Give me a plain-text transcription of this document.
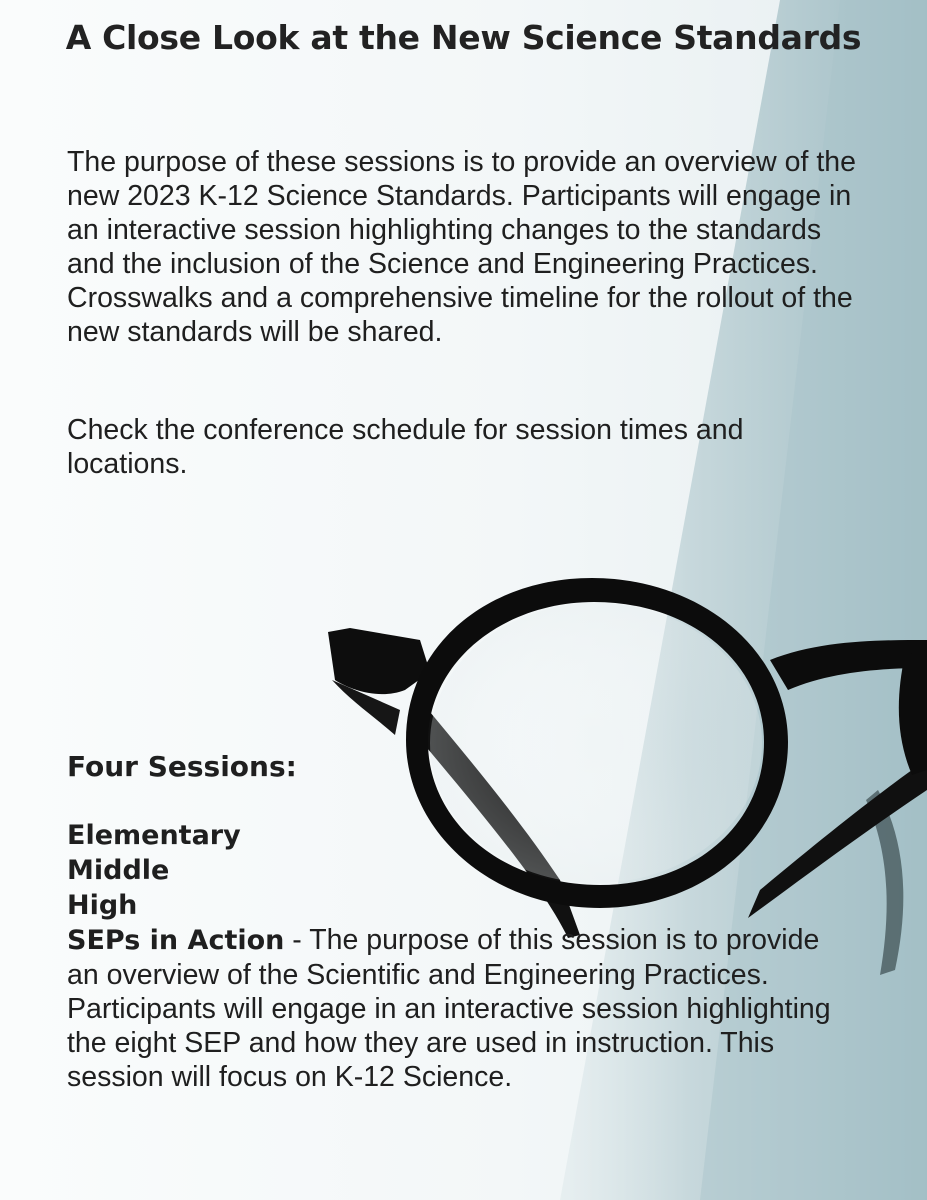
A Close Look at the New Science Standards

The purpose of these sessions is to provide an overview of the new 2023 K-12 Science Standards. Participants will engage in an interactive session highlighting changes to the standards and the inclusion of the Science and Engineering Practices. Crosswalks and a comprehensive timeline for the rollout of the new standards will be shared.

Check the conference schedule for session times and locations.

Four Sessions:

Elementary
Middle
High
SEPs in Action - The purpose of this session is to provide an overview of the Scientific and Engineering Practices. Participants will engage in an interactive session highlighting the eight SEP and how they are used in instruction. This session will focus on K-12 Science.
